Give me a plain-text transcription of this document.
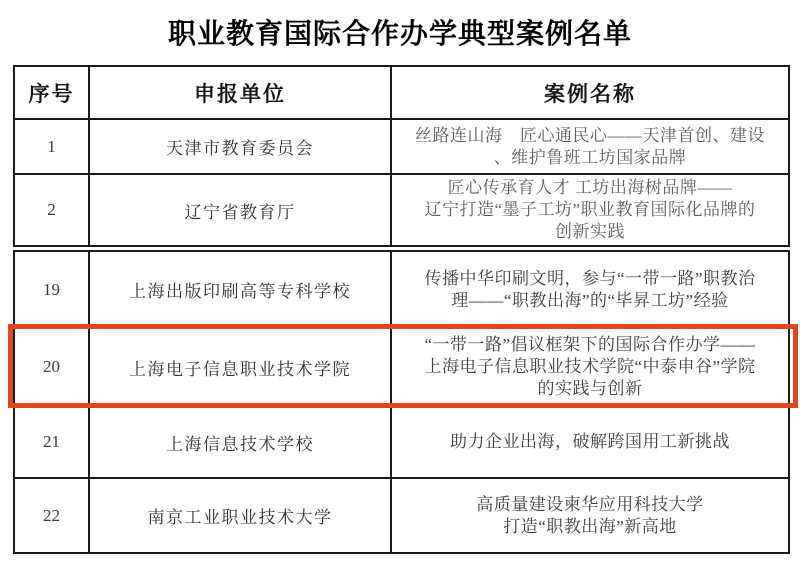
职业教育国际合作办学典型案例名单
序号	申报单位	案例名称
1	天津市教育委员会	丝路连山海　匠心通民心——天津首创、建设
、维护鲁班工坊国家品牌
2	辽宁省教育厅	匠心传承育人才 工坊出海树品牌——
辽宁打造“墨子工坊”职业教育国际化品牌的
创新实践
19	上海出版印刷高等专科学校	传播中华印刷文明，参与“一带一路”职教治
理——“职教出海”的“毕昇工坊”经验
20	上海电子信息职业技术学院	“一带一路”倡议框架下的国际合作办学——
上海电子信息职业技术学院“中泰申谷”学院
的实践与创新
21	上海信息技术学校	助力企业出海，破解跨国用工新挑战
22	南京工业职业技术大学	高质量建设柬华应用科技大学
打造“职教出海”新高地
